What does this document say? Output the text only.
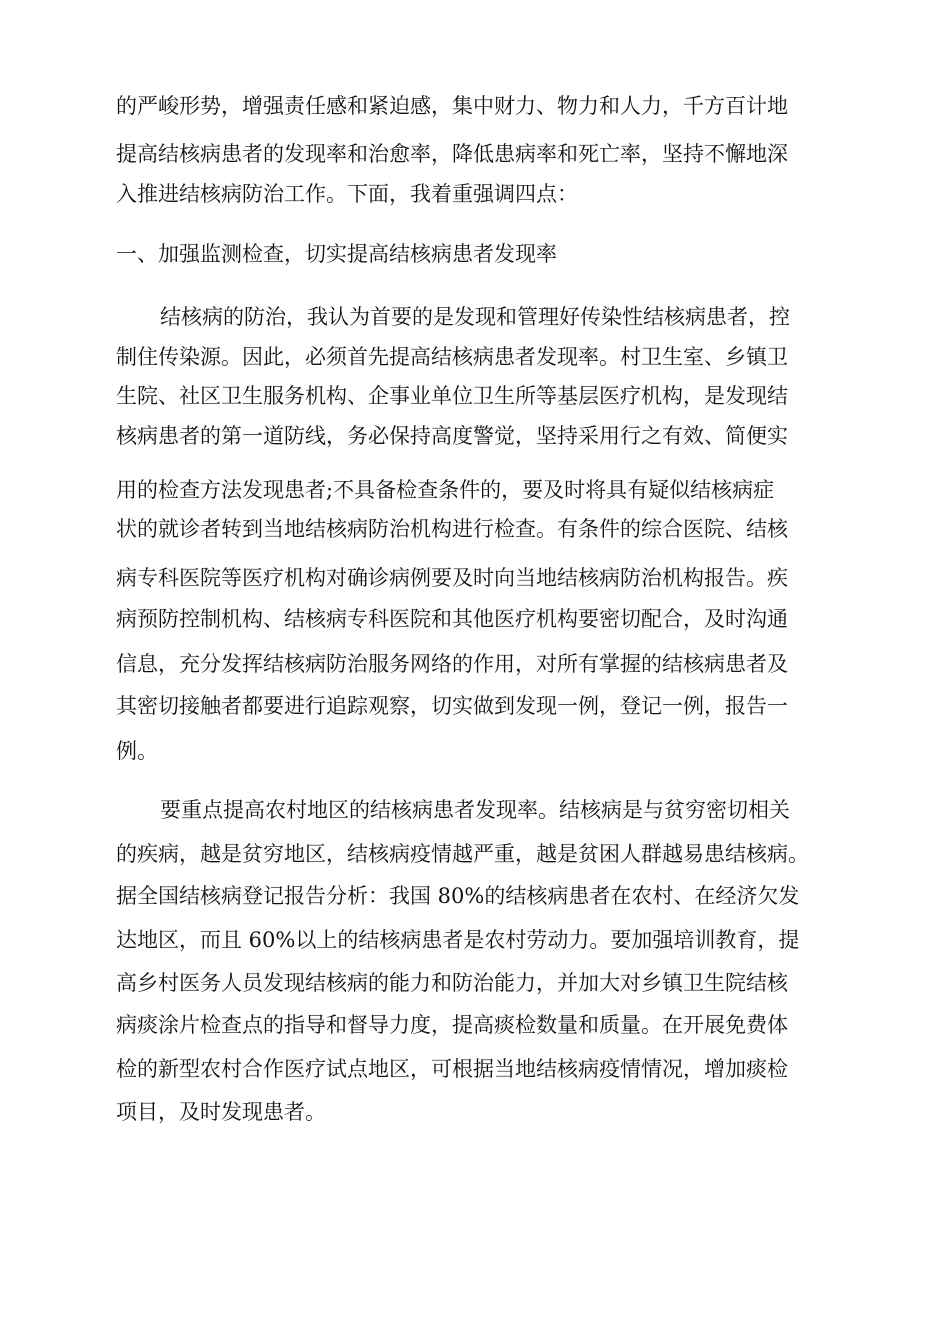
的严峻形势，增强责任感和紧迫感，集中财力、物力和人力，千方百计地

提高结核病患者的发现率和治愈率，降低患病率和死亡率，坚持不懈地深

入推进结核病防治工作。下面，我着重强调四点：

一、加强监测检查，切实提高结核病患者发现率

结核病的防治，我认为首要的是发现和管理好传染性结核病患者，控

制住传染源。因此，必须首先提高结核病患者发现率。村卫生室、乡镇卫

生院、社区卫生服务机构、企事业单位卫生所等基层医疗机构，是发现结

核病患者的第一道防线，务必保持高度警觉，坚持采用行之有效、简便实

用的检查方法发现患者;不具备检查条件的，要及时将具有疑似结核病症

状的就诊者转到当地结核病防治机构进行检查。有条件的综合医院、结核

病专科医院等医疗机构对确诊病例要及时向当地结核病防治机构报告。疾

病预防控制机构、结核病专科医院和其他医疗机构要密切配合，及时沟通

信息，充分发挥结核病防治服务网络的作用，对所有掌握的结核病患者及

其密切接触者都要进行追踪观察，切实做到发现一例，登记一例，报告一

例。

要重点提高农村地区的结核病患者发现率。结核病是与贫穷密切相关

的疾病，越是贫穷地区，结核病疫情越严重，越是贫困人群越易患结核病。

据全国结核病登记报告分析：我国 80%的结核病患者在农村、在经济欠发

达地区，而且 60%以上的结核病患者是农村劳动力。要加强培训教育，提

高乡村医务人员发现结核病的能力和防治能力，并加大对乡镇卫生院结核

病痰涂片检查点的指导和督导力度，提高痰检数量和质量。在开展免费体

检的新型农村合作医疗试点地区，可根据当地结核病疫情情况，增加痰检

项目，及时发现患者。
